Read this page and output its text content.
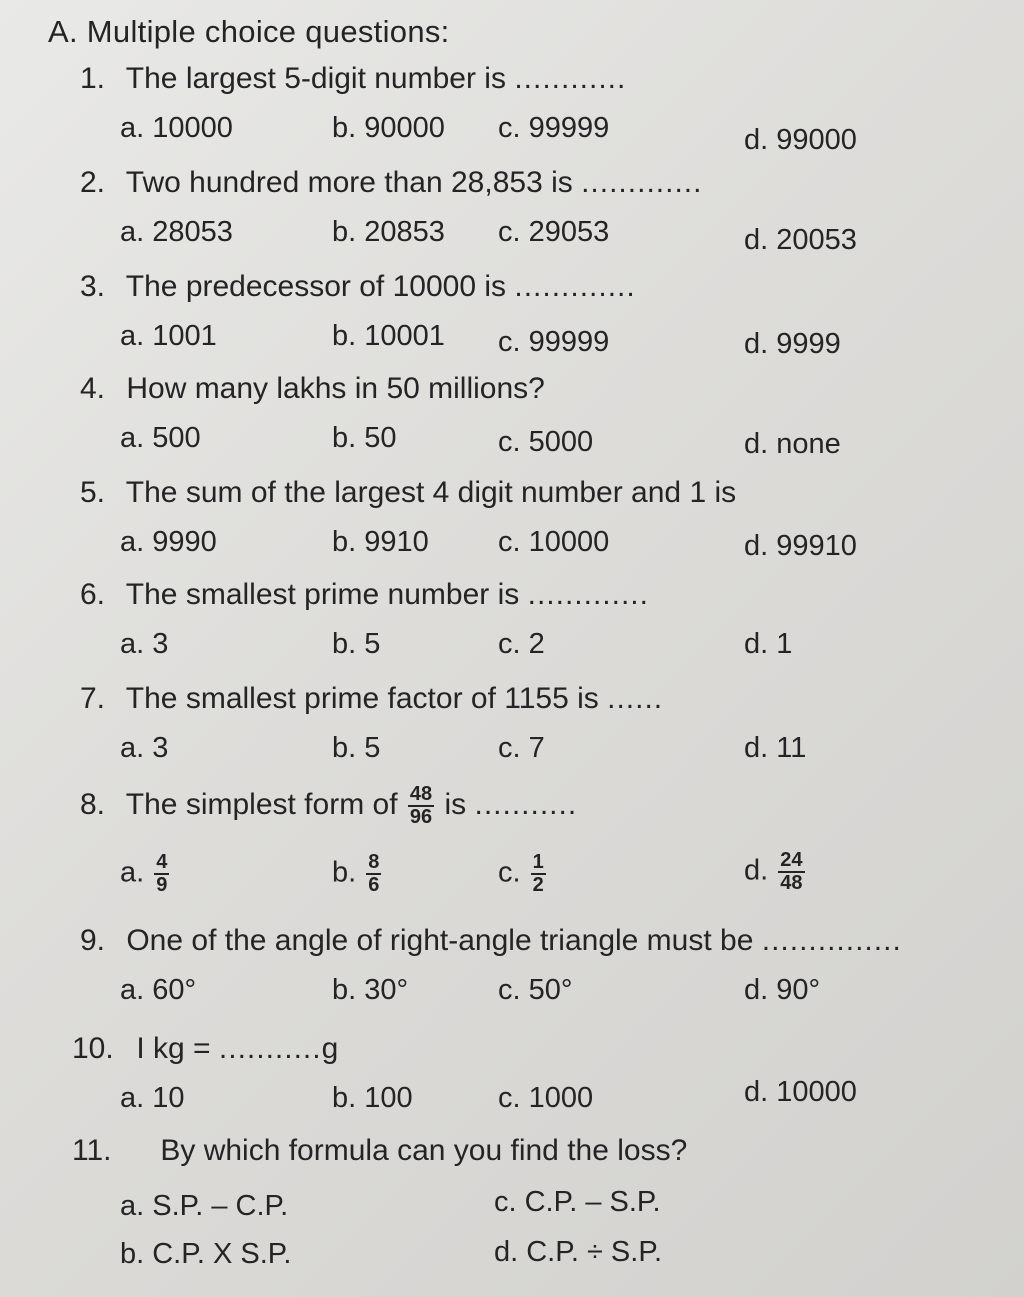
A. Multiple choice questions:
1. The largest 5-digit number is ............
a. 10000	b. 90000 c. 99999	d. 99000
2. Two hundred more than 28,853 is .............
a. 28053	b. 20853 c. 29053	d. 20053
3. The predecessor of 10000 is .............
a. 1001	b. 10001 c. 99999	d. 9999
4. How many lakhs in 50 millions?
a. 500	b. 50	c. 5000	d. none
5. The sum of the largest 4 digit number and 1 is
a. 9990	b. 9910 c. 10000	d. 99910
6. The smallest prime number is .............
a. 3	b. 5	c. 2	d. 1
7. The smallest prime factor of 1155 is ......
a. 3	b. 5	c. 7	d. 11
8. The simplest form of $\frac{48}{96}$ is ...........
a. $\frac{4}{9}$	b. $\frac{8}{6}$	c. $\frac{1}{2}$	d. $\frac{24}{48}$
9. One of the angle of right-angle triangle must be ...............
a. 60°	b. 30°	c. 50°	d. 90°
10. I kg = ...........g
a. 10	b. 100	c. 1000	d. 10000
11. By which formula can you find the loss?
a. S.P. – C.P.	c. C.P. – S.P.
b. C.P. X S.P.	d. C.P. ÷ S.P.
